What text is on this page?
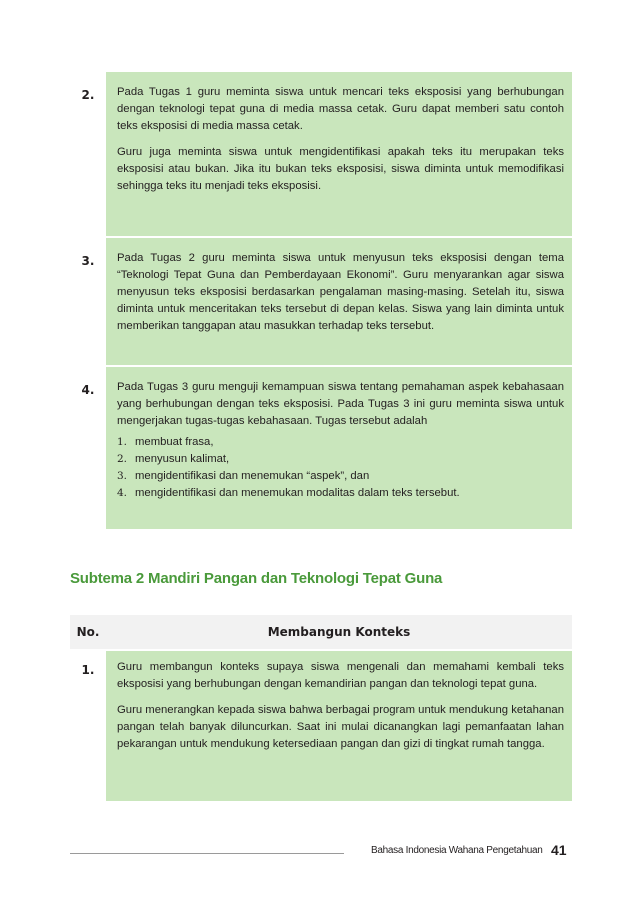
2.	Pada Tugas 1 guru meminta siswa untuk mencari teks eksposisi yang berhubungan dengan teknologi tepat guna di media massa cetak. Guru dapat memberi satu contoh teks eksposisi di media massa cetak.

Guru juga meminta siswa untuk mengidentifikasi apakah teks itu merupakan teks eksposisi atau bukan. Jika itu bukan teks eksposisi, siswa diminta untuk memodifikasi sehingga teks itu menjadi teks eksposisi.

3.	Pada Tugas 2 guru meminta siswa untuk menyusun teks eksposisi dengan tema “Teknologi Tepat Guna dan Pemberdayaan Ekonomi”. Guru menyarankan agar siswa menyusun teks eksposisi berdasarkan pengalaman masing-masing. Setelah itu, siswa diminta untuk menceritakan teks tersebut di depan kelas. Siswa yang lain diminta untuk memberikan tanggapan atau masukkan terhadap teks tersebut.

4.	Pada Tugas 3 guru menguji kemampuan siswa tentang pemahaman aspek kebahasaan yang berhubungan dengan teks eksposisi. Pada Tugas 3 ini guru meminta siswa untuk mengerjakan tugas-tugas kebahasaan. Tugas tersebut adalah

1. membuat frasa,
2. menyusun kalimat,
3. mengidentifikasi dan menemukan “aspek”, dan
4. mengidentifikasi dan menemukan modalitas dalam teks tersebut.
Subtema 2 Mandiri Pangan dan Teknologi Tepat Guna
No.	Membangun Konteks
1.	Guru membangun konteks supaya siswa mengenali dan memahami kembali teks eksposisi yang berhubungan dengan kemandirian pangan dan teknologi tepat guna.

Guru menerangkan kepada siswa bahwa berbagai program untuk mendukung ketahanan pangan telah banyak diluncurkan. Saat ini mulai dicanangkan lagi pemanfaatan lahan pekarangan untuk mendukung ketersediaan pangan dan gizi di tingkat rumah tangga.

Bahasa Indonesia Wahana Pengetahuan 41
